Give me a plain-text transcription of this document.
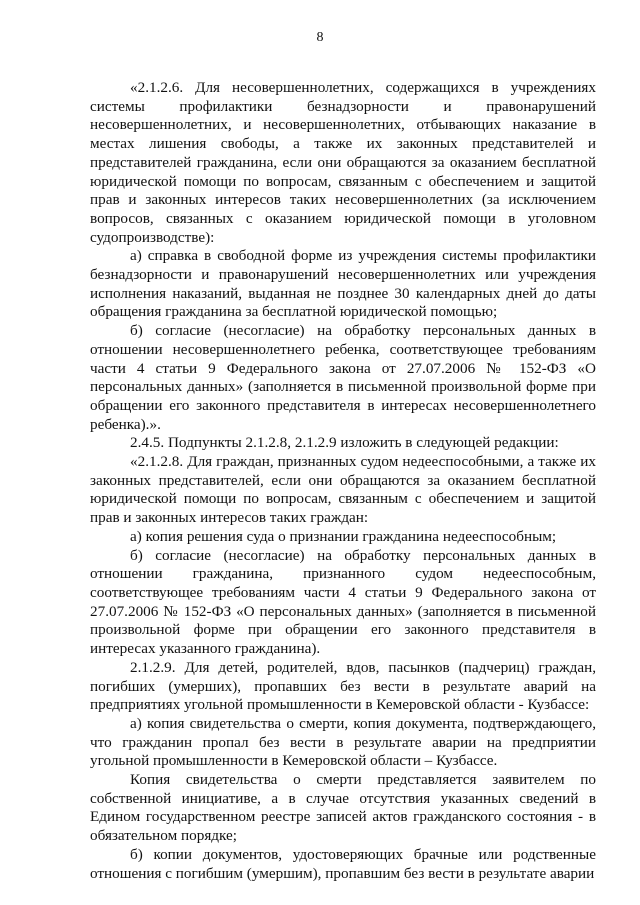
8

«2.1.2.6. Для несовершеннолетних, содержащихся в учреждениях системы профилактики безнадзорности и правонарушений несовершеннолетних, и несовершеннолетних, отбывающих наказание в местах лишения свободы, а также их законных представителей и представителей гражданина, если они обращаются за оказанием бесплатной юридической помощи по вопросам, связанным с обеспечением и защитой прав и законных интересов таких несовершеннолетних (за исключением вопросов, связанных с оказанием юридической помощи в уголовном судопроизводстве):

а) справка в свободной форме из учреждения системы профилактики безнадзорности и правонарушений несовершеннолетних или учреждения исполнения наказаний, выданная не позднее 30 календарных дней до даты обращения гражданина за бесплатной юридической помощью;

б) согласие (несогласие) на обработку персональных данных в отношении несовершеннолетнего ребенка, соответствующее требованиям части 4 статьи 9 Федерального закона от 27.07.2006 № 152-ФЗ «О персональных данных» (заполняется в письменной произвольной форме при обращении его законного представителя в интересах несовершеннолетнего ребенка).».

2.4.5. Подпункты 2.1.2.8, 2.1.2.9 изложить в следующей редакции:

«2.1.2.8. Для граждан, признанных судом недееспособными, а также их законных представителей, если они обращаются за оказанием бесплатной юридической помощи по вопросам, связанным с обеспечением и защитой прав и законных интересов таких граждан:

а) копия решения суда о признании гражданина недееспособным;

б) согласие (несогласие) на обработку персональных данных в отношении гражданина, признанного судом недееспособным, соответствующее требованиям части 4 статьи 9 Федерального закона от 27.07.2006 № 152-ФЗ «О персональных данных» (заполняется в письменной произвольной форме при обращении его законного представителя в интересах указанного гражданина).

2.1.2.9. Для детей, родителей, вдов, пасынков (падчериц) граждан, погибших (умерших), пропавших без вести в результате аварий на предприятиях угольной промышленности в Кемеровской области - Кузбассе:

а) копия свидетельства о смерти, копия документа, подтверждающего, что гражданин пропал без вести в результате аварии на предприятии угольной промышленности в Кемеровской области – Кузбассе.

Копия свидетельства о смерти представляется заявителем по собственной инициативе, а в случае отсутствия указанных сведений в Едином государственном реестре записей актов гражданского состояния - в обязательном порядке;

б) копии документов, удостоверяющих брачные или родственные отношения с погибшим (умершим), пропавшим без вести в результате аварии
